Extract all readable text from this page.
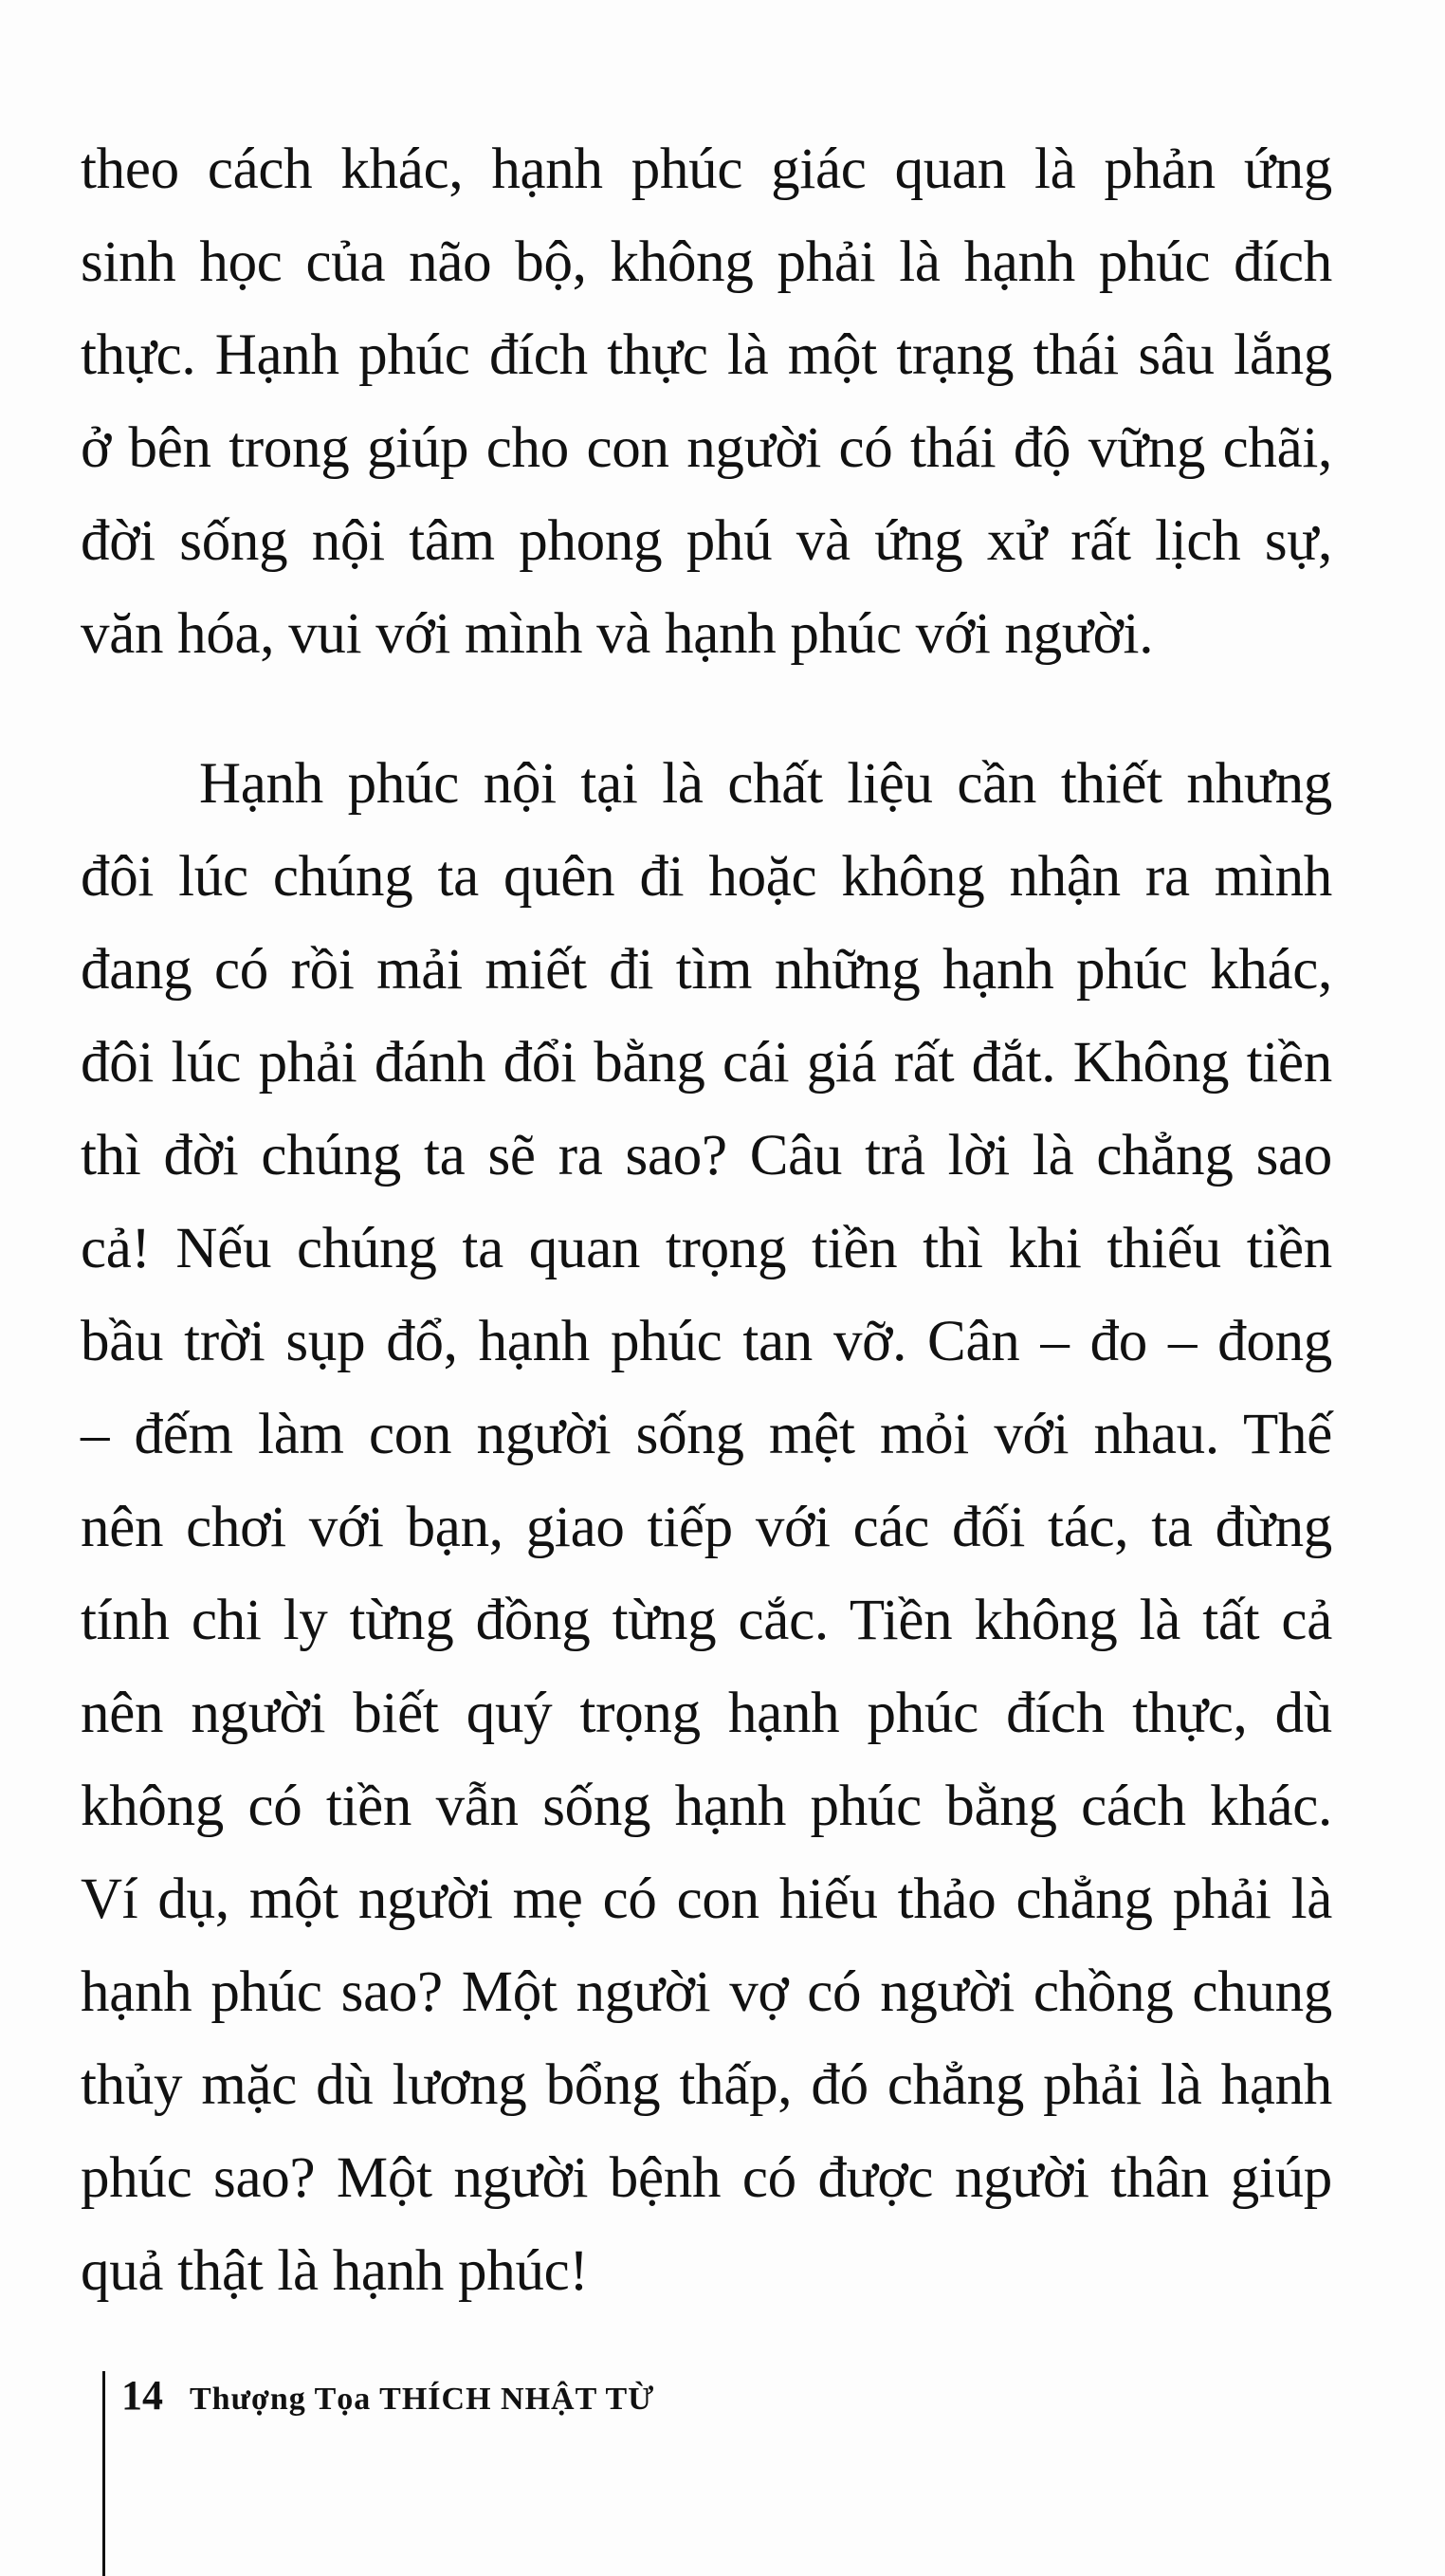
theo cách khác, hạnh phúc giác quan là phản ứng
sinh học của não bộ, không phải là hạnh phúc đích
thực. Hạnh phúc đích thực là một trạng thái sâu lắng
ở bên trong giúp cho con người có thái độ vững chãi,
đời sống nội tâm phong phú và ứng xử rất lịch sự,
văn hóa, vui với mình và hạnh phúc với người.
Hạnh phúc nội tại là chất liệu cần thiết nhưng
đôi lúc chúng ta quên đi hoặc không nhận ra mình
đang có rồi mải miết đi tìm những hạnh phúc khác,
đôi lúc phải đánh đổi bằng cái giá rất đắt. Không tiền
thì đời chúng ta sẽ ra sao? Câu trả lời là chẳng sao
cả! Nếu chúng ta quan trọng tiền thì khi thiếu tiền
bầu trời sụp đổ, hạnh phúc tan vỡ. Cân – đo – đong
– đếm làm con người sống mệt mỏi với nhau. Thế
nên chơi với bạn, giao tiếp với các đối tác, ta đừng
tính chi ly từng đồng từng cắc. Tiền không là tất cả
nên người biết quý trọng hạnh phúc đích thực, dù
không có tiền vẫn sống hạnh phúc bằng cách khác.
Ví dụ, một người mẹ có con hiếu thảo chẳng phải là
hạnh phúc sao? Một người vợ có người chồng chung
thủy mặc dù lương bổng thấp, đó chẳng phải là hạnh
phúc sao? Một người bệnh có được người thân giúp
quả thật là hạnh phúc!
14 Thượng Tọa THÍCH NHẬT TỪ
